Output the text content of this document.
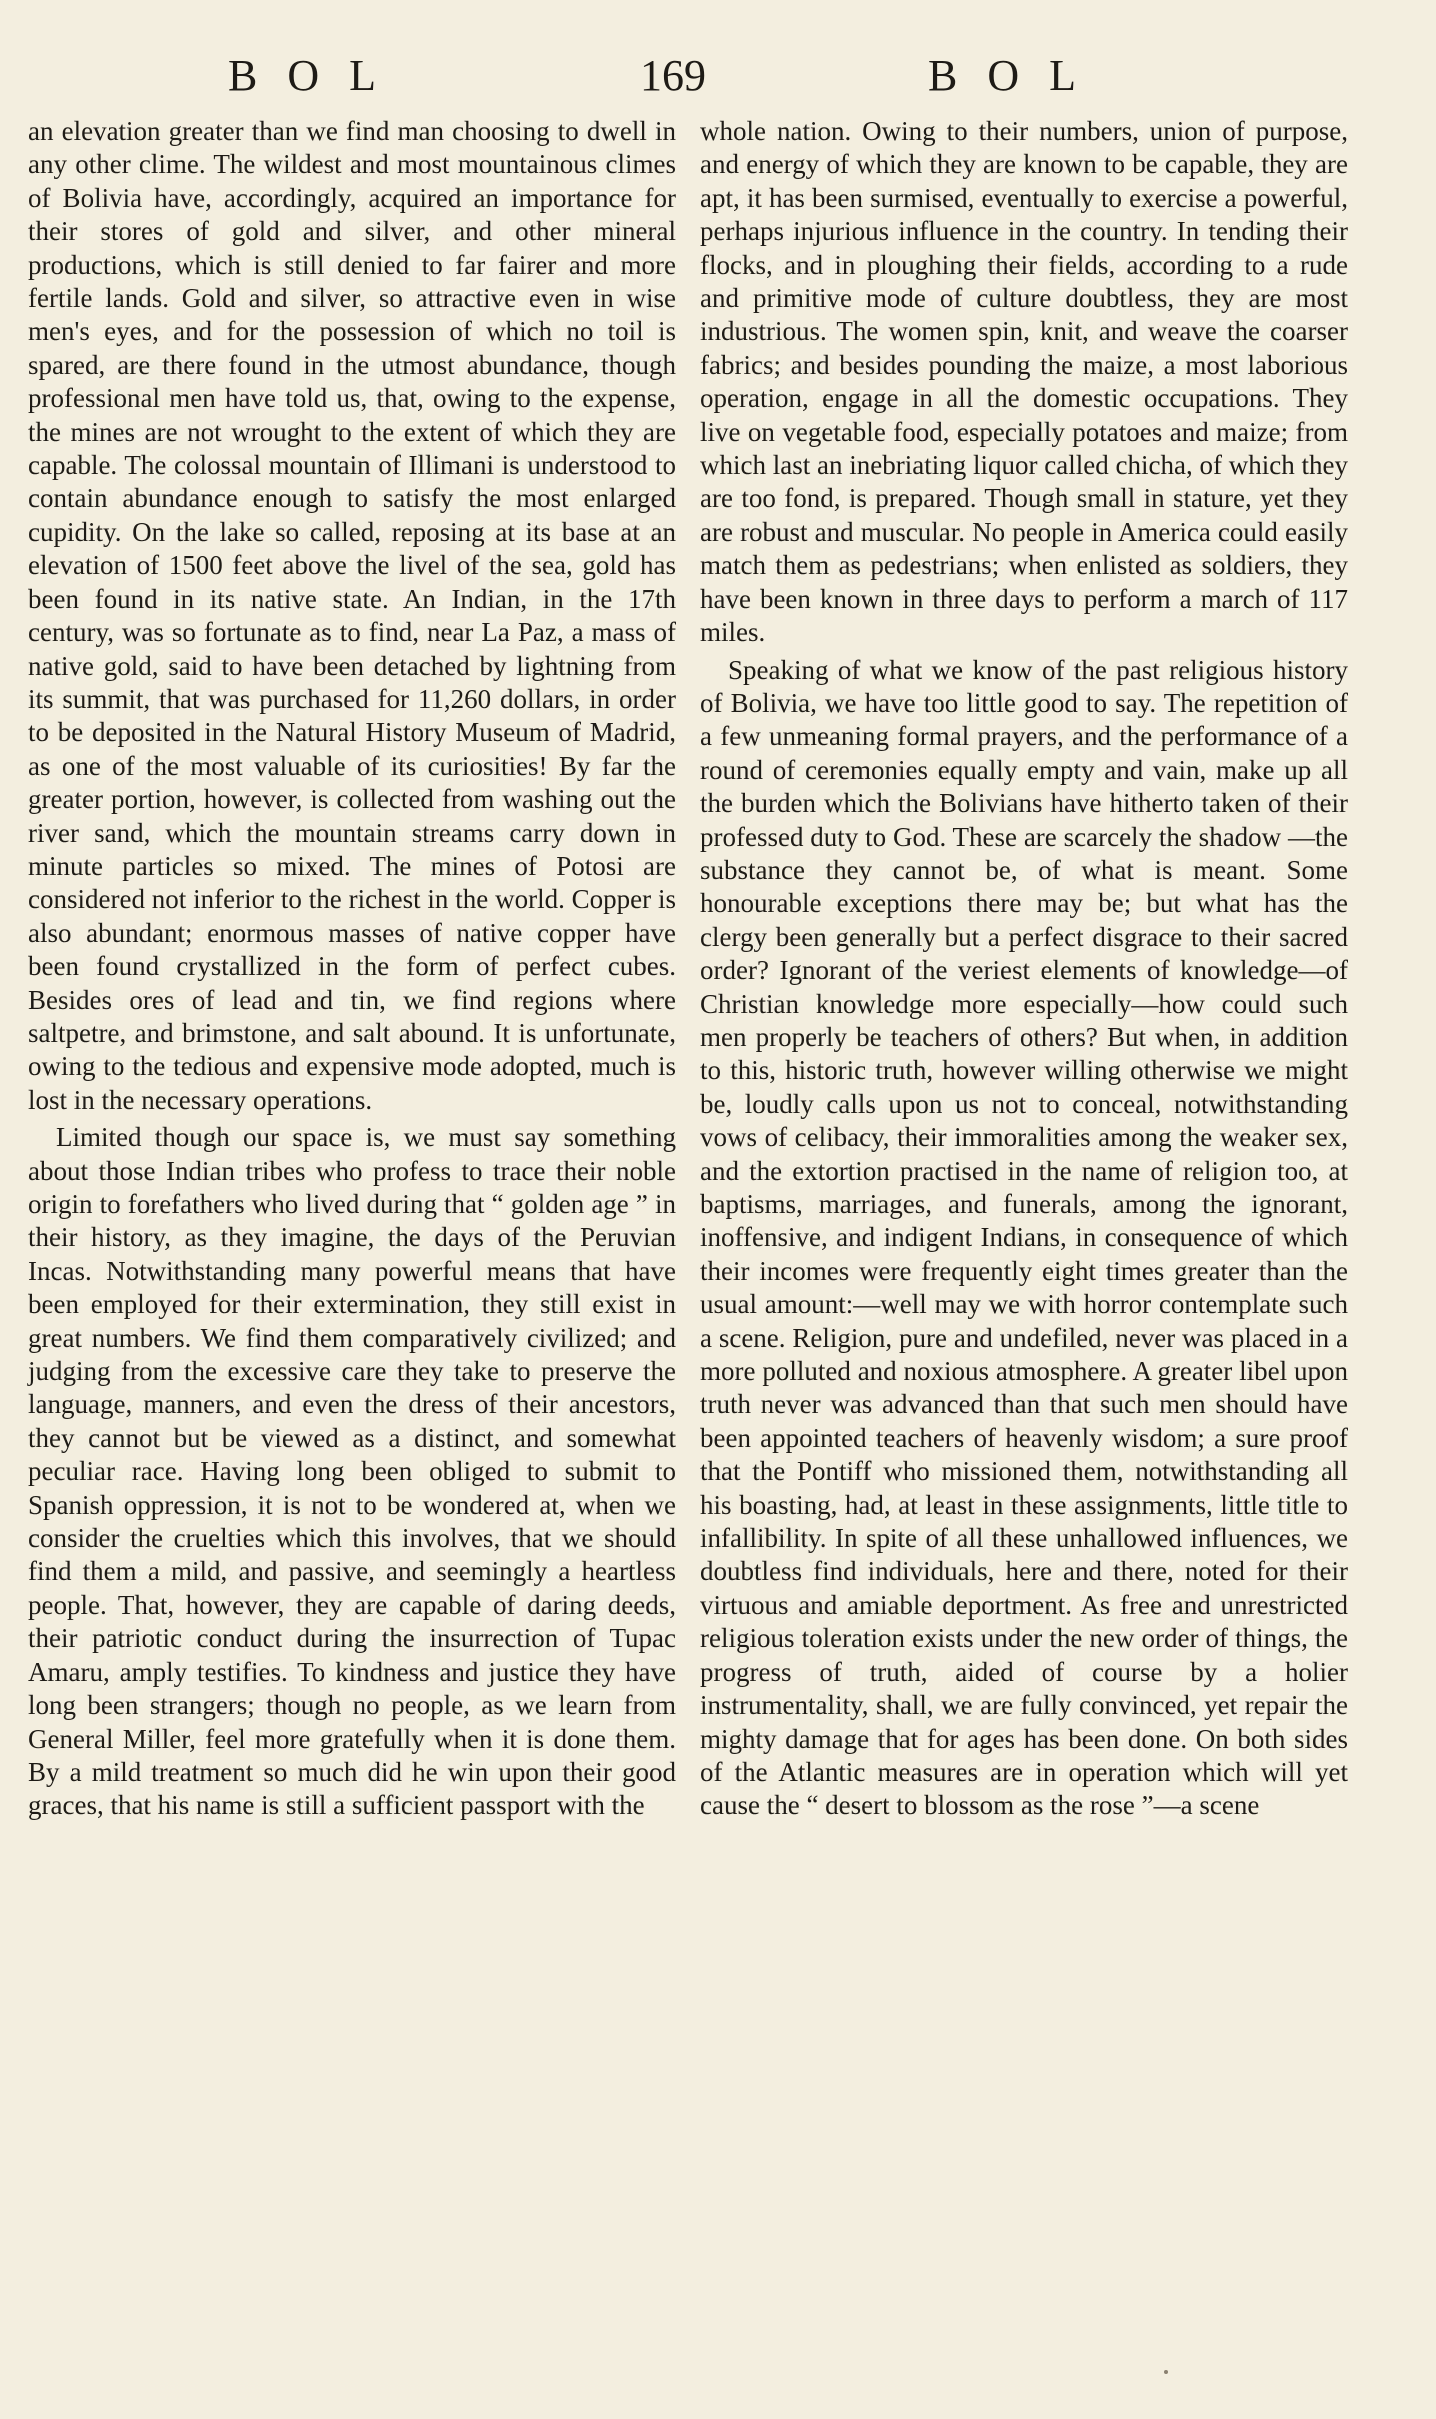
BOL	169	BOL

an elevation greater than we find man choosing to dwell in any other clime. The wildest and most mountainous climes of Bolivia have, accordingly, acquired an importance for their stores of gold and silver, and other mineral productions, which is still denied to far fairer and more fertile lands. Gold and silver, so attractive even in wise men's eyes, and for the possession of which no toil is spared, are there found in the utmost abundance, though professional men have told us, that, owing to the expense, the mines are not wrought to the extent of which they are capable. The colossal mountain of Illimani is understood to contain abundance enough to satisfy the most enlarged cupidity. On the lake so called, reposing at its base at an elevation of 1500 feet above the livel of the sea, gold has been found in its native state. An Indian, in the 17th century, was so fortunate as to find, near La Paz, a mass of native gold, said to have been detached by lightning from its summit, that was purchased for 11,260 dollars, in order to be deposited in the Natural History Museum of Madrid, as one of the most valuable of its curiosities! By far the greater portion, however, is collected from washing out the river sand, which the mountain streams carry down in minute particles so mixed. The mines of Potosi are considered not inferior to the richest in the world. Copper is also abundant; enormous masses of native copper have been found crystallized in the form of perfect cubes. Besides ores of lead and tin, we find regions where saltpetre, and brimstone, and salt abound. It is unfortunate, owing to the tedious and expensive mode adopted, much is lost in the necessary operations.

Limited though our space is, we must say something about those Indian tribes who profess to trace their noble origin to forefathers who lived during that “ golden age ” in their history, as they imagine, the days of the Peruvian Incas. Notwithstanding many powerful means that have been employed for their extermination, they still exist in great numbers. We find them comparatively civilized; and judging from the excessive care they take to preserve the language, manners, and even the dress of their ancestors, they cannot but be viewed as a distinct, and somewhat peculiar race. Having long been obliged to submit to Spanish oppression, it is not to be wondered at, when we consider the cruelties which this involves, that we should find them a mild, and passive, and seemingly a heartless people. That, however, they are capable of daring deeds, their patriotic conduct during the insurrection of Tupac Amaru, amply testifies. To kindness and justice they have long been strangers; though no people, as we learn from General Miller, feel more gratefully when it is done them. By a mild treatment so much did he win upon their good graces, that his name is still a sufficient passport with the

whole nation. Owing to their numbers, union of purpose, and energy of which they are known to be capable, they are apt, it has been surmised, eventually to exercise a powerful, perhaps injurious influence in the country. In tending their flocks, and in ploughing their fields, according to a rude and primitive mode of culture doubtless, they are most industrious. The women spin, knit, and weave the coarser fabrics; and besides pounding the maize, a most laborious operation, engage in all the domestic occupations. They live on vegetable food, especially potatoes and maize; from which last an inebriating liquor called chicha, of which they are too fond, is prepared. Though small in stature, yet they are robust and muscular. No people in America could easily match them as pedestrians; when enlisted as soldiers, they have been known in three days to perform a march of 117 miles.

Speaking of what we know of the past religious history of Bolivia, we have too little good to say. The repetition of a few unmeaning formal prayers, and the performance of a round of ceremonies equally empty and vain, make up all the burden which the Bolivians have hitherto taken of their professed duty to God. These are scarcely the shadow —the substance they cannot be, of what is meant. Some honourable exceptions there may be; but what has the clergy been generally but a perfect disgrace to their sacred order? Ignorant of the veriest elements of knowledge—of Christian knowledge more especially—how could such men properly be teachers of others? But when, in addition to this, historic truth, however willing otherwise we might be, loudly calls upon us not to conceal, notwithstanding vows of celibacy, their immoralities among the weaker sex, and the extortion practised in the name of religion too, at baptisms, marriages, and funerals, among the ignorant, inoffensive, and indigent Indians, in consequence of which their incomes were frequently eight times greater than the usual amount:—well may we with horror contemplate such a scene. Religion, pure and undefiled, never was placed in a more polluted and noxious atmosphere. A greater libel upon truth never was advanced than that such men should have been appointed teachers of heavenly wisdom; a sure proof that the Pontiff who missioned them, notwithstanding all his boasting, had, at least in these assignments, little title to infallibility. In spite of all these unhallowed influences, we doubtless find individuals, here and there, noted for their virtuous and amiable deportment. As free and unrestricted religious toleration exists under the new order of things, the progress of truth, aided of course by a holier instrumentality, shall, we are fully convinced, yet repair the mighty damage that for ages has been done. On both sides of the Atlantic measures are in operation which will yet cause the “ desert to blossom as the rose ”—a scene
